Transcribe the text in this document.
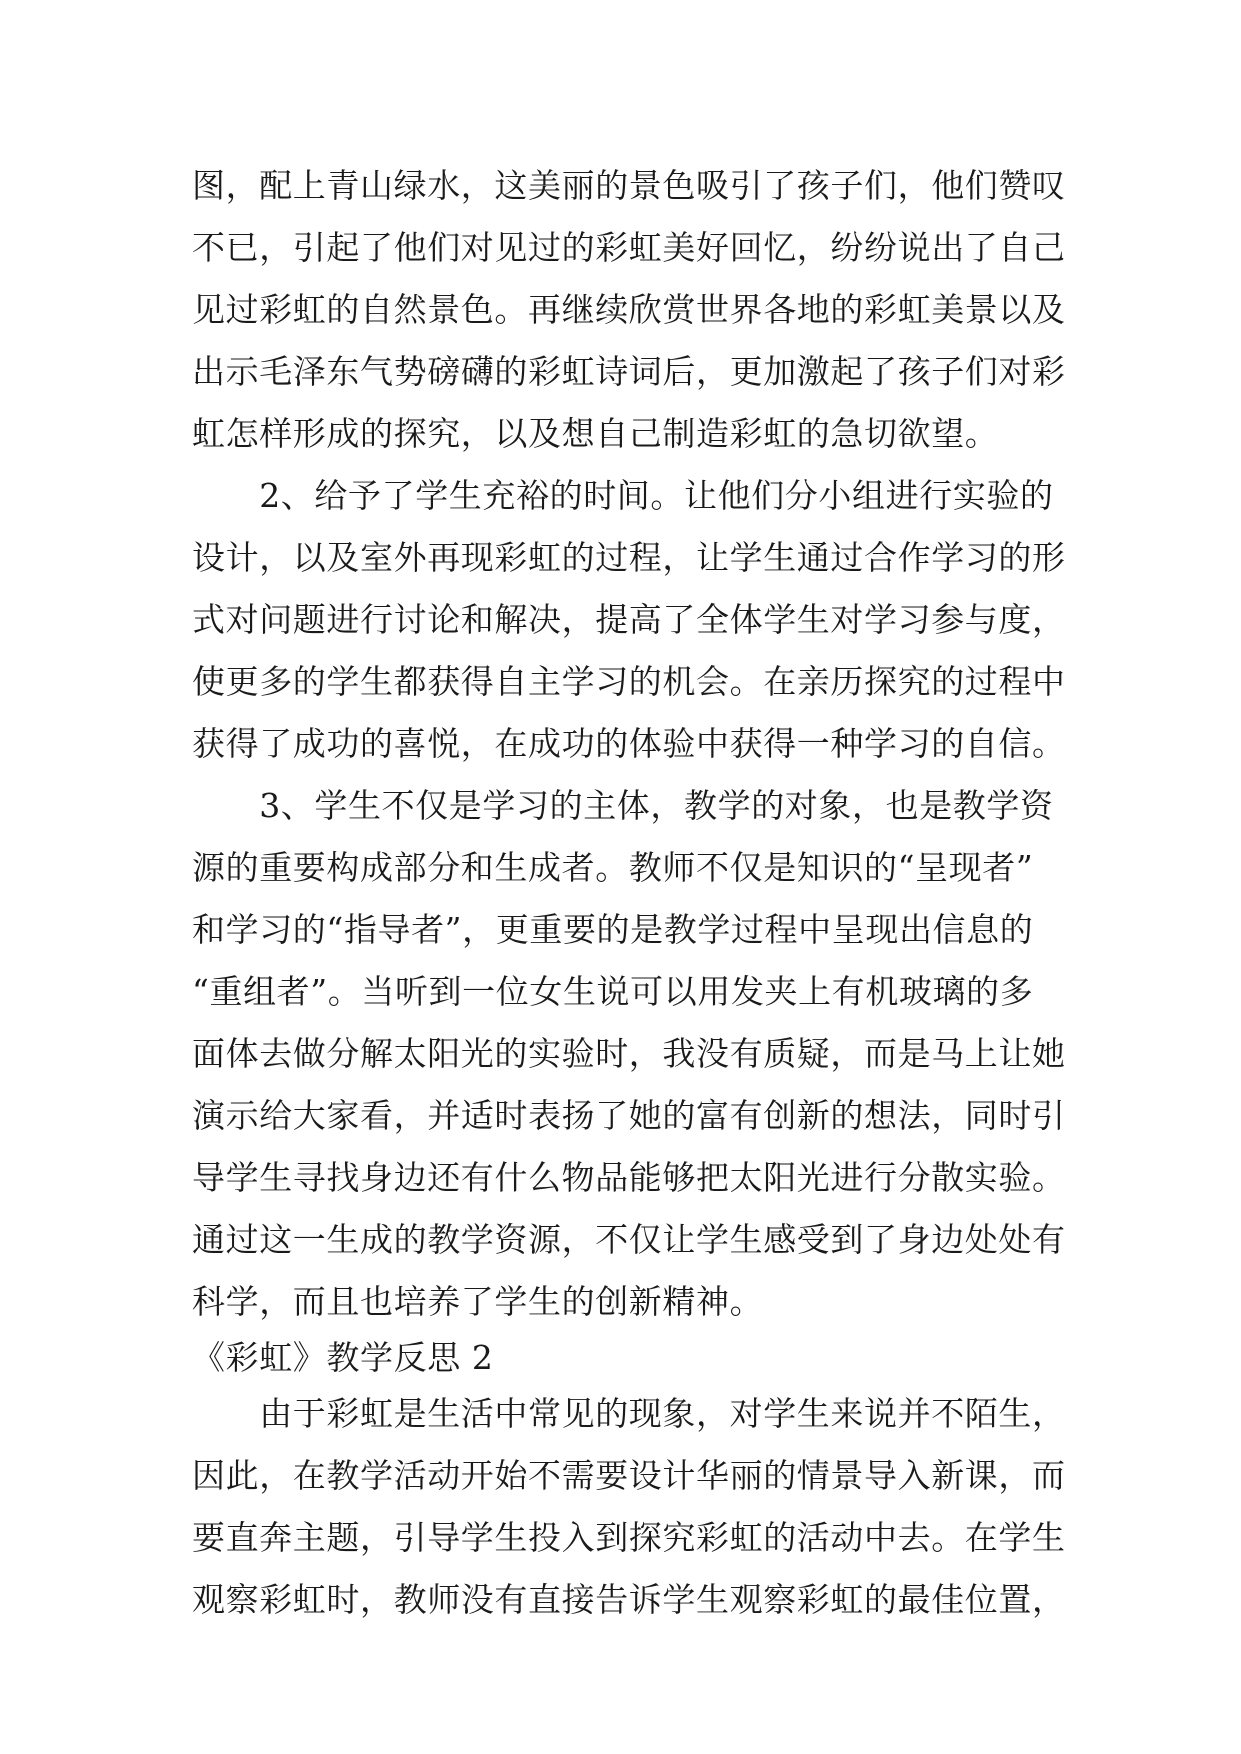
图，配上青山绿水，这美丽的景色吸引了孩子们，他们赞叹
不已，引起了他们对见过的彩虹美好回忆，纷纷说出了自己
见过彩虹的自然景色。再继续欣赏世界各地的彩虹美景以及
出示毛泽东气势磅礴的彩虹诗词后，更加激起了孩子们对彩
虹怎样形成的探究，以及想自己制造彩虹的急切欲望。
　　2、给予了学生充裕的时间。让他们分小组进行实验的
设计，以及室外再现彩虹的过程，让学生通过合作学习的形
式对问题进行讨论和解决，提高了全体学生对学习参与度，
使更多的学生都获得自主学习的机会。在亲历探究的过程中
获得了成功的喜悦，在成功的体验中获得一种学习的自信。
　　3、学生不仅是学习的主体，教学的对象，也是教学资
源的重要构成部分和生成者。教师不仅是知识的“呈现者”
和学习的“指导者”，更重要的是教学过程中呈现出信息的
“重组者”。当听到一位女生说可以用发夹上有机玻璃的多
面体去做分解太阳光的实验时，我没有质疑，而是马上让她
演示给大家看，并适时表扬了她的富有创新的想法，同时引
导学生寻找身边还有什么物品能够把太阳光进行分散实验。
通过这一生成的教学资源，不仅让学生感受到了身边处处有
科学，而且也培养了学生的创新精神。
《彩虹》教学反思 2
　　由于彩虹是生活中常见的现象，对学生来说并不陌生，
因此，在教学活动开始不需要设计华丽的情景导入新课，而
要直奔主题，引导学生投入到探究彩虹的活动中去。在学生
观察彩虹时，教师没有直接告诉学生观察彩虹的最佳位置，
